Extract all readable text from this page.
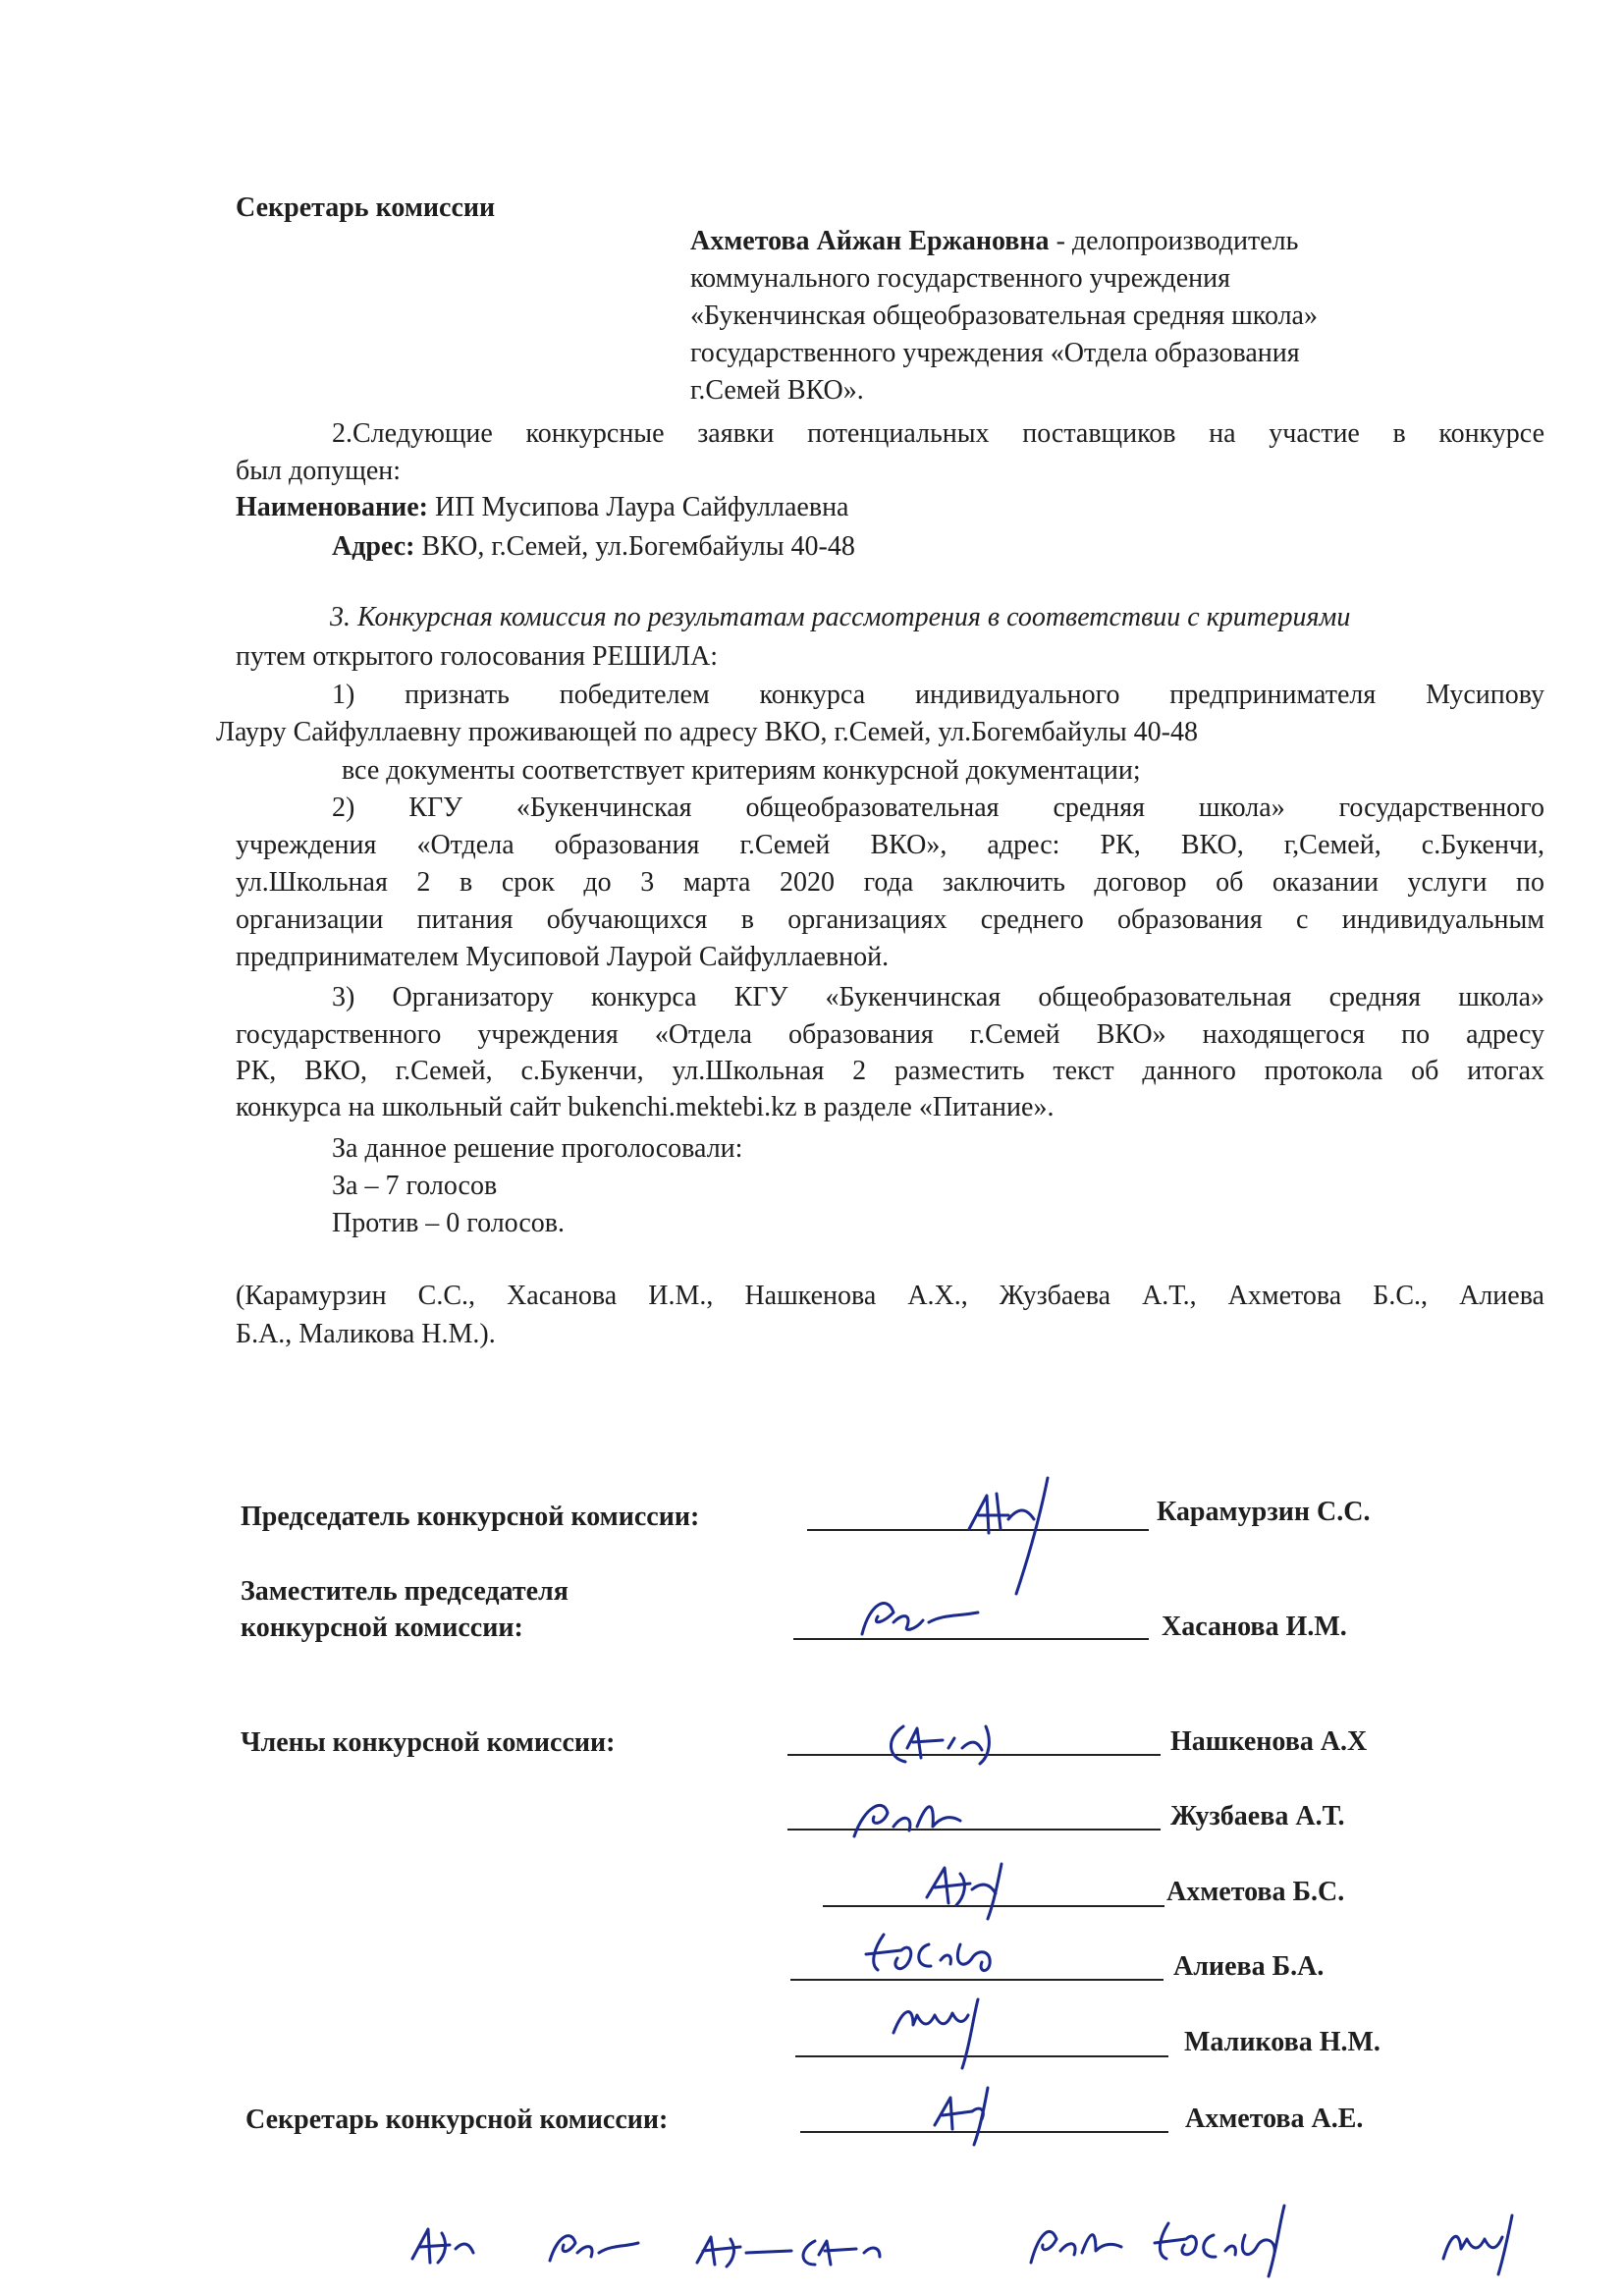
Секретарь комиссии
Ахметова Айжан Ержановна - делопроизводитель
коммунального государственного учреждения
«Букенчинская общеобразовательная средняя школа»
государственного учреждения «Отдела образования
г.Семей ВКО».
2.Следующие конкурсные заявки потенциальных поставщиков на участие в конкурсе
был допущен:
Наименование: ИП Мусипова Лаура Сайфуллаевна
Адрес: ВКО, г.Семей, ул.Богембайулы 40-48
3. Конкурсная комиссия по результатам рассмотрения в соответствии с критериями
путем открытого голосования РЕШИЛА:
1) признать победителем конкурса индивидуального предпринимателя Мусипову
Лауру Сайфуллаевну проживающей по адресу ВКО, г.Семей, ул.Богембайулы 40-48
все документы соответствует критериям конкурсной документации;
2) КГУ «Букенчинская общеобразовательная средняя школа» государственного
учреждения «Отдела образования г.Семей ВКО», адрес: РК, ВКО, г,Семей, с.Букенчи,
ул.Школьная 2 в срок до 3 марта 2020 года заключить договор об оказании услуги по
организации питания обучающихся в организациях среднего образования с индивидуальным
предпринимателем Мусиповой Лаурой Сайфуллаевной.
3) Организатору конкурса КГУ «Букенчинская общеобразовательная средняя школа»
государственного учреждения «Отдела образования г.Семей ВКО» находящегося по адресу
РК, ВКО, г.Семей, с.Букенчи, ул.Школьная 2 разместить текст данного протокола об итогах
конкурса на школьный сайт bukenchi.mektebi.kz в разделе «Питание».
За данное решение проголосовали:
За – 7 голосов
Против – 0 голосов.
(Карамурзин С.С., Хасанова И.М., Нашкенова А.Х., Жузбаева А.Т., Ахметова Б.С., Алиева
Б.А., Маликова Н.М.).
Председатель конкурсной комиссии:	Карамурзин С.С.
Заместитель председателя
конкурсной комиссии:	Хасанова И.М.
Члены конкурсной комиссии:	Нашкенова А.Х
Жузбаева А.Т.
Ахметова Б.С.
Алиева Б.А.
Маликова Н.М.
Секретарь конкурсной комиссии:	Ахметова А.Е.
